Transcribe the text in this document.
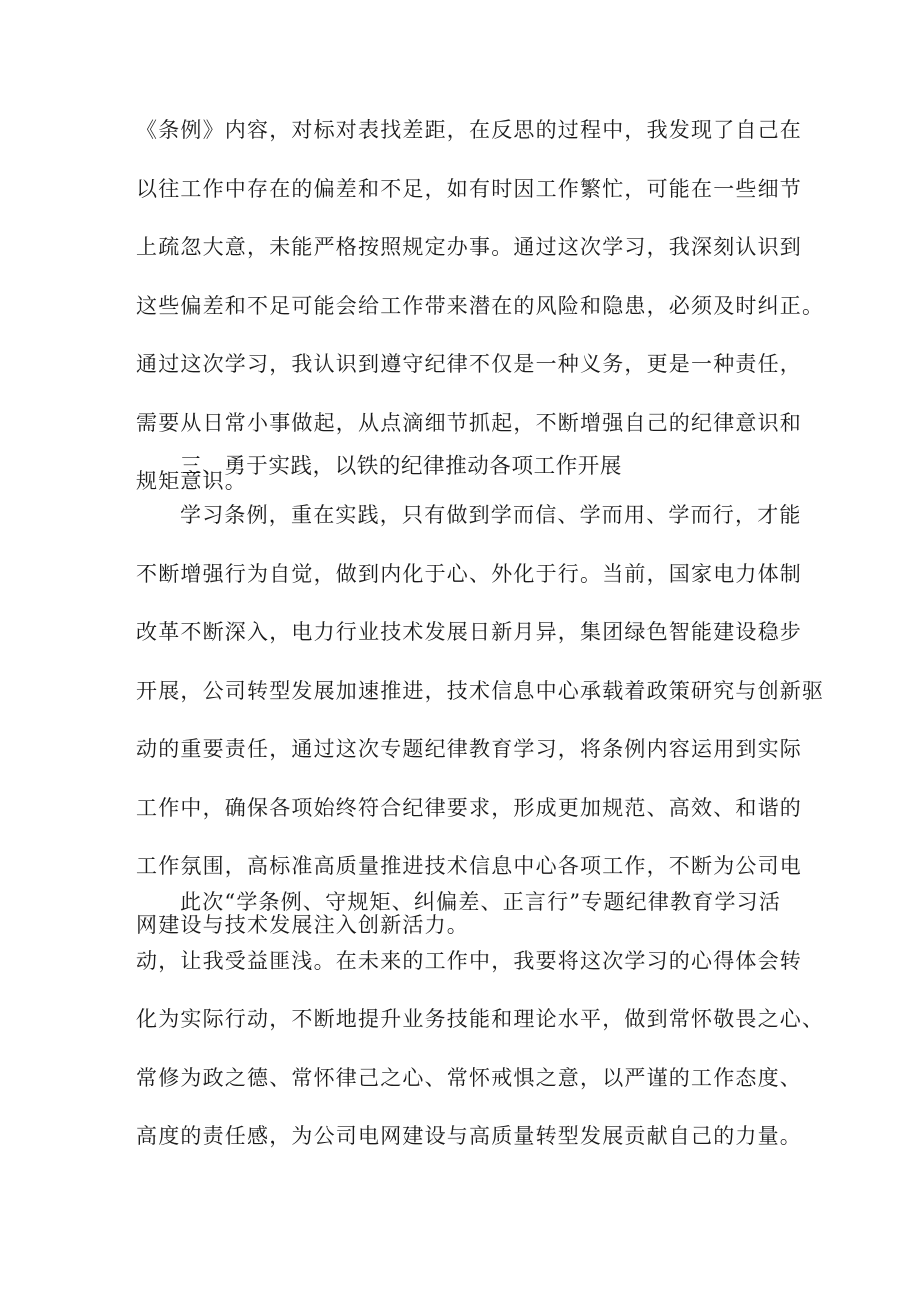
《条例》内容，对标对表找差距，在反思的过程中，我发现了自己在
以往工作中存在的偏差和不足，如有时因工作繁忙，可能在一些细节
上疏忽大意，未能严格按照规定办事。通过这次学习，我深刻认识到
这些偏差和不足可能会给工作带来潜在的风险和隐患，必须及时纠正。
通过这次学习，我认识到遵守纪律不仅是一种义务，更是一种责任，
需要从日常小事做起，从点滴细节抓起，不断增强自己的纪律意识和
规矩意识。
三、勇于实践，以铁的纪律推动各项工作开展
学习条例，重在实践，只有做到学而信、学而用、学而行，才能
不断增强行为自觉，做到内化于心、外化于行。当前，国家电力体制
改革不断深入，电力行业技术发展日新月异，集团绿色智能建设稳步
开展，公司转型发展加速推进，技术信息中心承载着政策研究与创新驱
动的重要责任，通过这次专题纪律教育学习，将条例内容运用到实际
工作中，确保各项始终符合纪律要求，形成更加规范、高效、和谐的
工作氛围，高标准高质量推进技术信息中心各项工作，不断为公司电
网建设与技术发展注入创新活力。
此次“学条例、守规矩、纠偏差、正言行”专题纪律教育学习活
动，让我受益匪浅。在未来的工作中，我要将这次学习的心得体会转
化为实际行动，不断地提升业务技能和理论水平，做到常怀敬畏之心、
常修为政之德、常怀律己之心、常怀戒惧之意，以严谨的工作态度、
高度的责任感，为公司电网建设与高质量转型发展贡献自己的力量。
